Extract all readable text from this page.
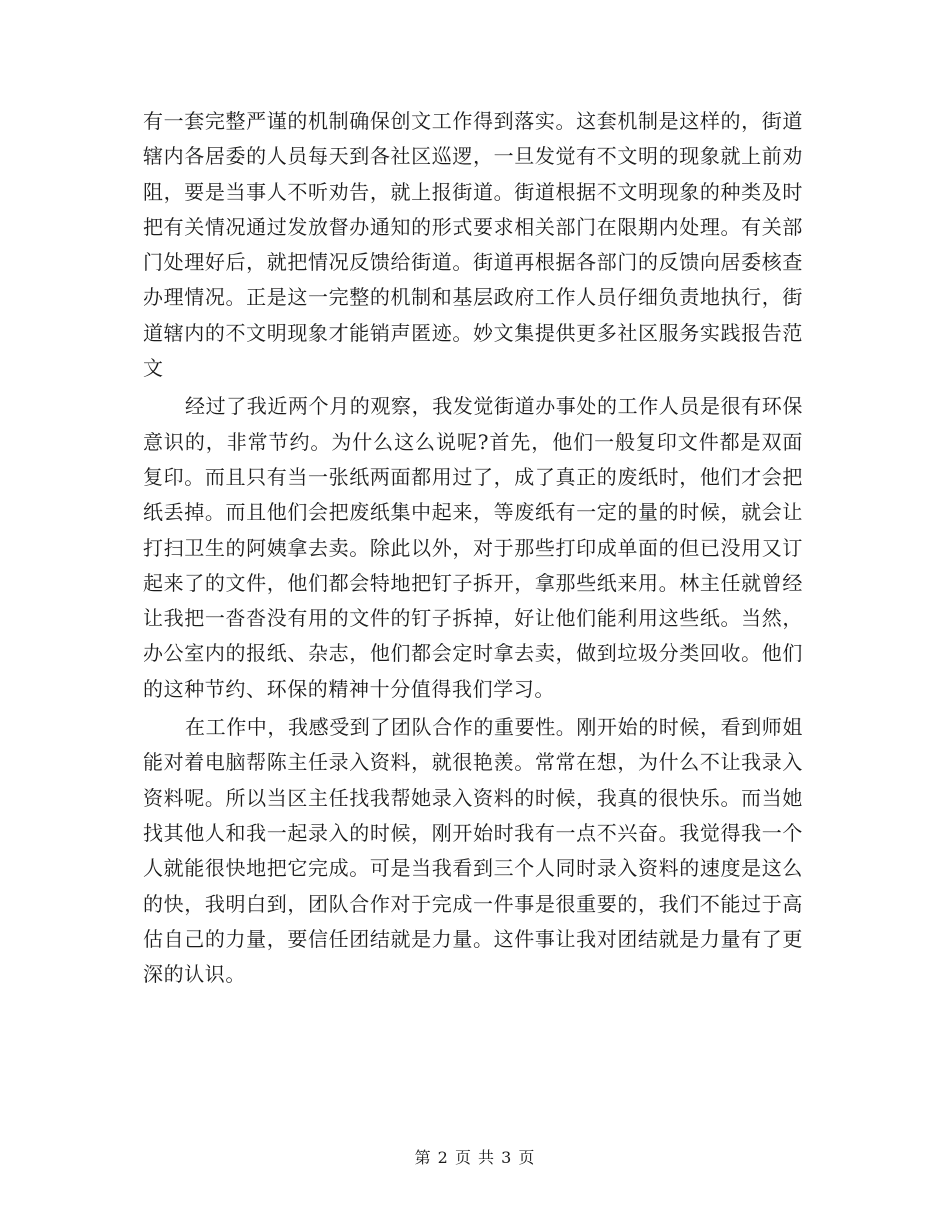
有一套完整严谨的机制确保创文工作得到落实。这套机制是这样的，街道辖内各居委的人员每天到各社区巡逻，一旦发觉有不文明的现象就上前劝阻，要是当事人不听劝告，就上报街道。街道根据不文明现象的种类及时把有关情况通过发放督办通知的形式要求相关部门在限期内处理。有关部门处理好后，就把情况反馈给街道。街道再根据各部门的反馈向居委核查办理情况。正是这一完整的机制和基层政府工作人员仔细负责地执行，街道辖内的不文明现象才能销声匿迹。妙文集提供更多社区服务实践报告范文

经过了我近两个月的观察，我发觉街道办事处的工作人员是很有环保意识的，非常节约。为什么这么说呢?首先，他们一般复印文件都是双面复印。而且只有当一张纸两面都用过了，成了真正的废纸时，他们才会把纸丢掉。而且他们会把废纸集中起来，等废纸有一定的量的时候，就会让打扫卫生的阿姨拿去卖。除此以外，对于那些打印成单面的但已没用又订起来了的文件，他们都会特地把钉子拆开，拿那些纸来用。林主任就曾经让我把一沓沓没有用的文件的钉子拆掉，好让他们能利用这些纸。当然，办公室内的报纸、杂志，他们都会定时拿去卖，做到垃圾分类回收。他们的这种节约、环保的精神十分值得我们学习。

在工作中，我感受到了团队合作的重要性。刚开始的时候，看到师姐能对着电脑帮陈主任录入资料，就很艳羡。常常在想，为什么不让我录入资料呢。所以当区主任找我帮她录入资料的时候，我真的很快乐。而当她找其他人和我一起录入的时候，刚开始时我有一点不兴奋。我觉得我一个人就能很快地把它完成。可是当我看到三个人同时录入资料的速度是这么的快，我明白到，团队合作对于完成一件事是很重要的，我们不能过于高估自己的力量，要信任团结就是力量。这件事让我对团结就是力量有了更深的认识。

第 2 页 共 3 页
